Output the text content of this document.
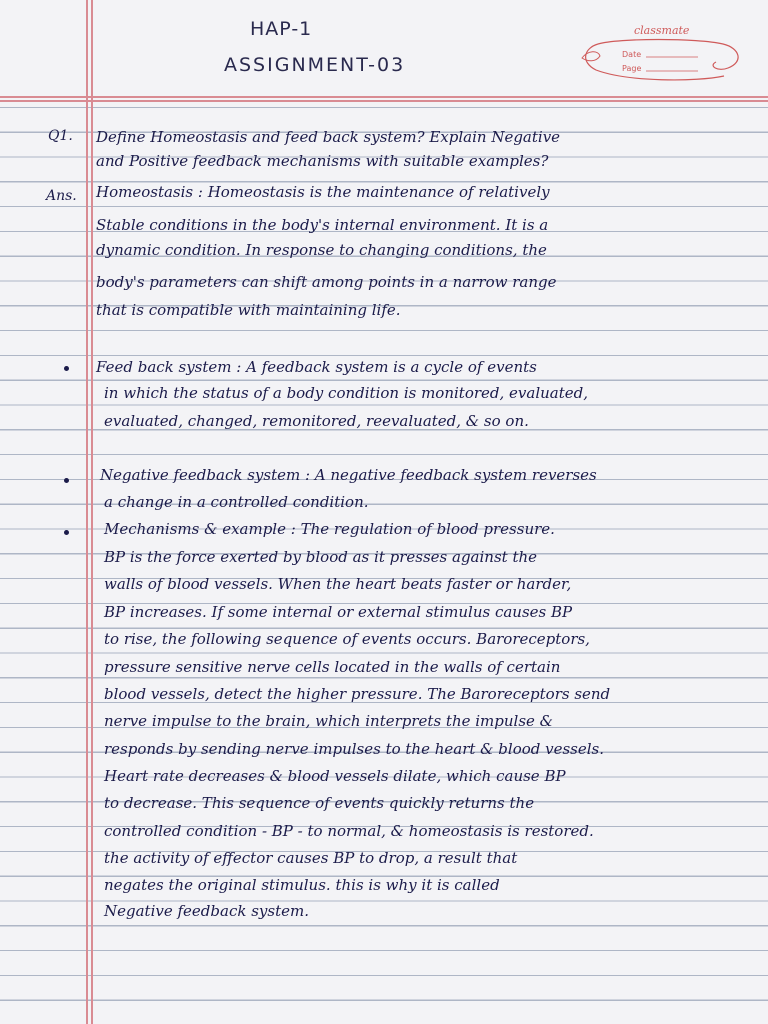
HAP-1
ASSIGNMENT-03
classmate
Date
Page
Q1. Define Homeostasis and feed back system? Explain Negative
and Positive feedback mechanisms with suitable examples?
Ans. Homeostasis : Homeostasis is the maintenance of relatively
Stable conditions in the body's internal environment. It is a
dynamic condition. In response to changing conditions, the
body's parameters can shift among points in a narrow range
that is compatible with maintaining life.
Feed back system : A feedback system is a cycle of events
in which the status of a body condition is monitored, evaluated,
evaluated, changed, remonitored, reevaluated, & so on.
Negative feedback system : A negative feedback system reverses
a change in a controlled condition.
Mechanisms & example : The regulation of blood pressure.
BP is the force exerted by blood as it presses against the
walls of blood vessels. When the heart beats faster or harder,
BP increases. If some internal or external stimulus causes BP
to rise, the following sequence of events occurs. Baroreceptors,
pressure sensitive nerve cells located in the walls of certain
blood vessels, detect the higher pressure. The Baroreceptors send
nerve impulse to the brain, which interprets the impulse &
responds by sending nerve impulses to the heart & blood vessels.
Heart rate decreases & blood vessels dilate, which cause BP
to decrease. This sequence of events quickly returns the
controlled condition - BP - to normal, & homeostasis is restored.
the activity of effector causes BP to drop, a result that
negates the original stimulus. this is why it is called
Negative feedback system.
